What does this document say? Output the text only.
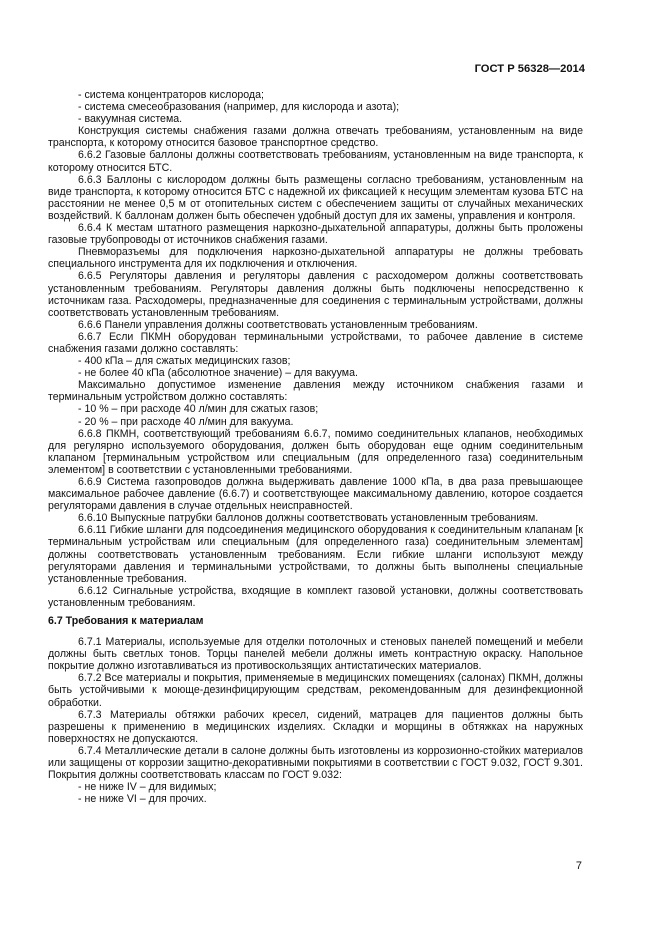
ГОСТ Р 56328—2014
- система концентраторов кислорода;
- система смесеобразования (например, для кислорода и азота);
- вакуумная система.

Конструкция системы снабжения газами должна отвечать требованиям, установленным на виде транспорта, к которому относится базовое транспортное средство.

6.6.2 Газовые баллоны должны соответствовать требованиям, установленным на виде транспорта, к которому относится БТС.

6.6.3 Баллоны с кислородом должны быть размещены согласно требованиям, установленным на виде транспорта, к которому относится БТС с надежной их фиксацией к несущим элементам кузова БТС на расстоянии не менее 0,5 м от отопительных систем с обеспечением защиты от случайных механических воздействий. К баллонам должен быть обеспечен удобный доступ для их замены, управления и контроля.

6.6.4 К местам штатного размещения наркозно-дыхательной аппаратуры, должны быть проложены газовые трубопроводы от источников снабжения газами.

Пневморазъемы для подключения наркозно-дыхательной аппаратуры не должны требовать специального инструмента для их подключения и отключения.

6.6.5 Регуляторы давления и регуляторы давления с расходомером должны соответствовать установленным требованиям. Регуляторы давления должны быть подключены непосредственно к источникам газа. Расходомеры, предназначенные для соединения с терминальным устройствами, должны соответствовать установленным требованиям.

6.6.6 Панели управления должны соответствовать установленным требованиям.

6.6.7 Если ПКМН оборудован терминальными устройствами, то рабочее давление в системе снабжения газами должно составлять:

- 400 кПа – для сжатых медицинских газов;
- не более 40 кПа (абсолютное значение) – для вакуума.

Максимально допустимое изменение давления между источником снабжения газами и терминальным устройством должно составлять:

- 10 % – при расходе 40 л/мин для сжатых газов;
- 20 % – при расходе 40 л/мин для вакуума.

6.6.8 ПКМН, соответствующий требованиям 6.6.7, помимо соединительных клапанов, необходимых для регулярно используемого оборудования, должен быть оборудован еще одним соединительным клапаном [терминальным устройством или специальным (для определенного газа) соединительным элементом] в соответствии с установленными требованиями.

6.6.9 Система газопроводов должна выдерживать давление 1000 кПа, в два раза превышающее максимальное рабочее давление (6.6.7) и соответствующее максимальному давлению, которое создается регуляторами давления в случае отдельных неисправностей.

6.6.10 Выпускные патрубки баллонов должны соответствовать установленным требованиям.

6.6.11 Гибкие шланги для подсоединения медицинского оборудования к соединительным клапанам [к терминальным устройствам или специальным (для определенного газа) соединительным элементам] должны соответствовать установленным требованиям. Если гибкие шланги используют между регуляторами давления и терминальными устройствами, то должны быть выполнены специальные установленные требования.

6.6.12 Сигнальные устройства, входящие в комплект газовой установки, должны соответствовать установленным требованиям.

6.7 Требования к материалам

6.7.1 Материалы, используемые для отделки потолочных и стеновых панелей помещений и мебели должны быть светлых тонов. Торцы панелей мебели должны иметь контрастную окраску. Напольное покрытие должно изготавливаться из противоскользящих антистатических материалов.

6.7.2 Все материалы и покрытия, применяемые в медицинских помещениях (салонах) ПКМН, должны быть устойчивыми к моюще-дезинфицирующим средствам, рекомендованным для дезинфекционной обработки.

6.7.3 Материалы обтяжки рабочих кресел, сидений, матрацев для пациентов должны быть разрешены к применению в медицинских изделиях. Складки и морщины в обтяжках на наружных поверхностях не допускаются.

6.7.4 Металлические детали в салоне должны быть изготовлены из коррозионно-стойких материалов или защищены от коррозии защитно-декоративными покрытиями в соответствии с ГОСТ 9.032, ГОСТ 9.301. Покрытия должны соответствовать классам по ГОСТ 9.032:

- не ниже IV – для видимых;
- не ниже VI – для прочих.
7
